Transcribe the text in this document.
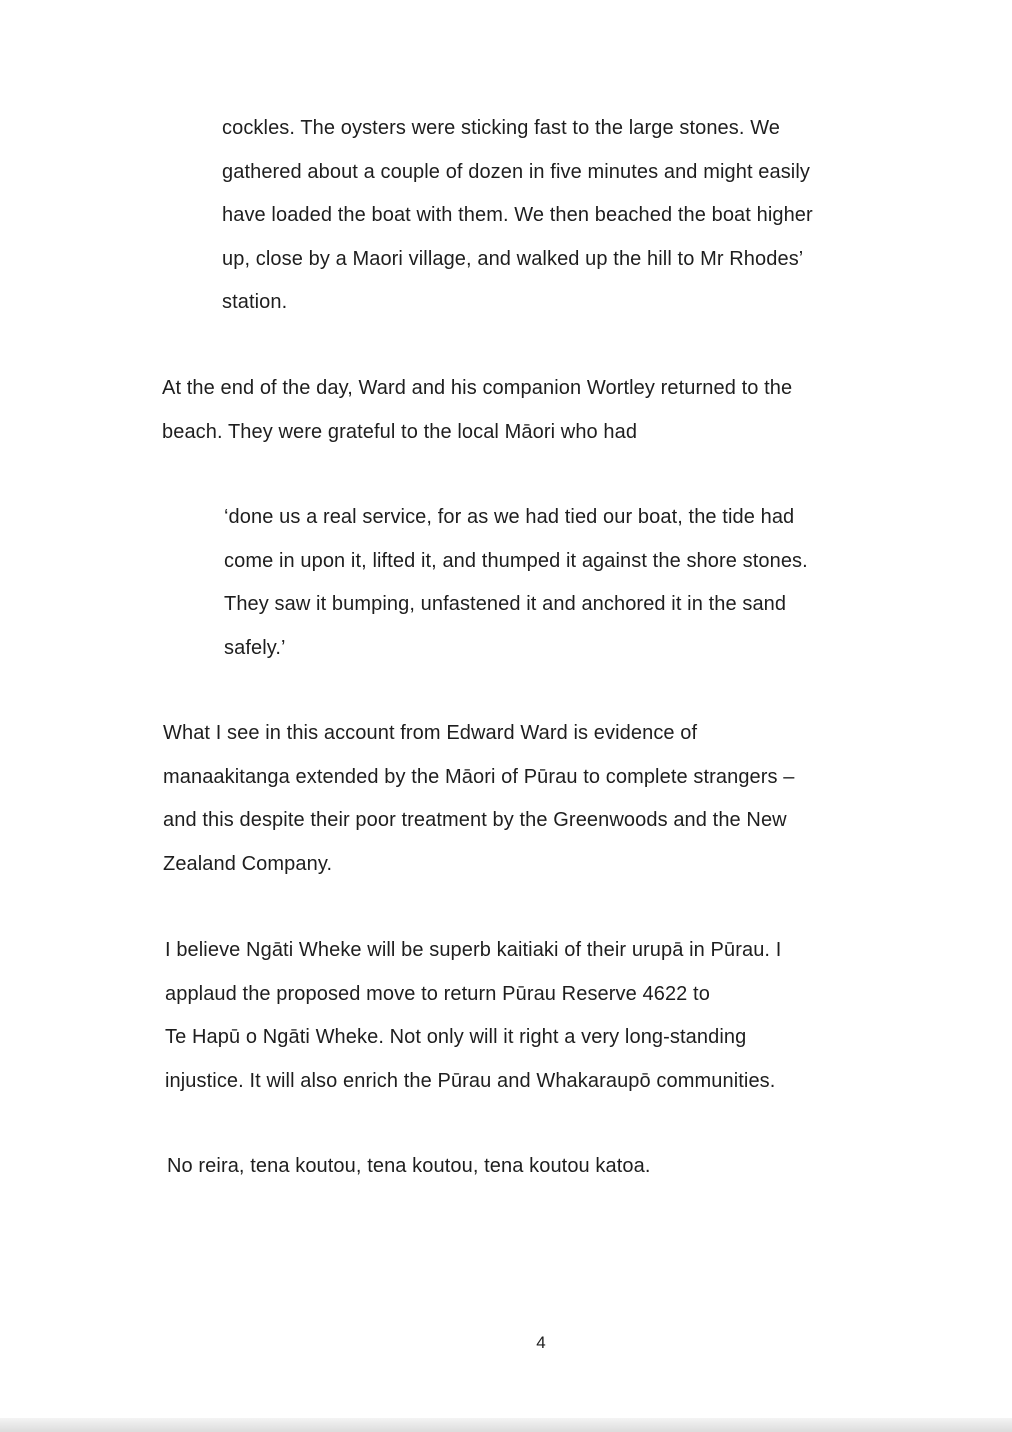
cockles. The oysters were sticking fast to the large stones. We
gathered about a couple of dozen in five minutes and might easily
have loaded the boat with them. We then beached the boat higher
up, close by a Maori village, and walked up the hill to Mr Rhodes’
station.
At the end of the day, Ward and his companion Wortley returned to the
beach. They were grateful to the local Māori who had
‘done us a real service, for as we had tied our boat, the tide had
come in upon it, lifted it, and thumped it against the shore stones.
They saw it bumping, unfastened it and anchored it in the sand
safely.’
What I see in this account from Edward Ward is evidence of
manaakitanga extended by the Māori of Pūrau to complete strangers –
and this despite their poor treatment by the Greenwoods and the New
Zealand Company.
I believe Ngāti Wheke will be superb kaitiaki of their urupā in Pūrau. I
applaud the proposed move to return Pūrau Reserve 4622 to
Te Hapū o Ngāti Wheke. Not only will it right a very long-standing
injustice. It will also enrich the Pūrau and Whakaraupō communities.
No reira, tena koutou, tena koutou, tena koutou katoa.

4
